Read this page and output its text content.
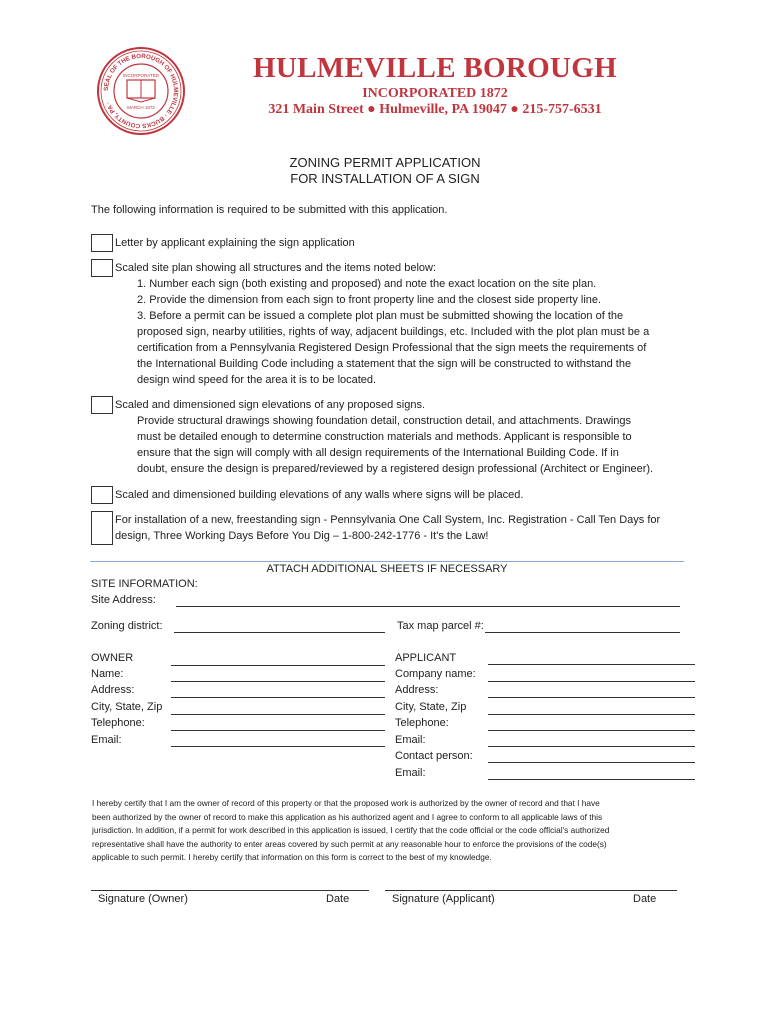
SEAL OF THE BOROUGH OF HULMEVILLE · BUCKS COUNTY, PA ·
INCORPORATED
MARCH 1872
HULMEVILLE BOROUGH
INCORPORATED 1872
321 Main Street ● Hulmeville, PA 19047 ● 215-757-6531
ZONING PERMIT APPLICATION
FOR INSTALLATION OF A SIGN
The following information is required to be submitted with this application.
Letter by applicant explaining the sign application
Scaled site plan showing all structures and the items noted below:
1. Number each sign (both existing and proposed) and note the exact location on the site plan.
2. Provide the dimension from each sign to front property line and the closest side property line.
3. Before a permit can be issued a complete plot plan must be submitted showing the location of the
proposed sign, nearby utilities, rights of way, adjacent buildings, etc. Included with the plot plan must be a
certification from a Pennsylvania Registered Design Professional that the sign meets the requirements of
the International Building Code including a statement that the sign will be constructed to withstand the
design wind speed for the area it is to be located.
Scaled and dimensioned sign elevations of any proposed signs.
Provide structural drawings showing foundation detail, construction detail, and attachments. Drawings
must be detailed enough to determine construction materials and methods. Applicant is responsible to
ensure that the sign will comply with all design requirements of the International Building Code. If in
doubt, ensure the design is prepared/reviewed by a registered design professional (Architect or Engineer).
Scaled and dimensioned building elevations of any walls where signs will be placed.
For installation of a new, freestanding sign - Pennsylvania One Call System, Inc. Registration - Call Ten Days for
design, Three Working Days Before You Dig – 1-800-242-1776 - It's the Law!
ATTACH ADDITIONAL SHEETS IF NECESSARY
SITE INFORMATION:
Site Address:
Zoning district:	Tax map parcel #:
OWNER
Name:
Address:
City, State, Zip
Telephone:
Email:
APPLICANT
Company name:
Address:
City, State, Zip
Telephone:
Email:
Contact person:
Email:
I hereby certify that I am the owner of record of this property or that the proposed work is authorized by the owner of record and that I have
been authorized by the owner of record to make this application as his authorized agent and I agree to conform to all applicable laws of this
jurisdiction. In addition, if a permit for work described in this application is issued, I certify that the code official or the code official's authorized
representative shall have the authority to enter areas covered by such permit at any reasonable hour to enforce the provisions of the code(s)
applicable to such permit. I hereby certify that information on this form is correct to the best of my knowledge.
Signature (Owner)	Date	Signature (Applicant)	Date
